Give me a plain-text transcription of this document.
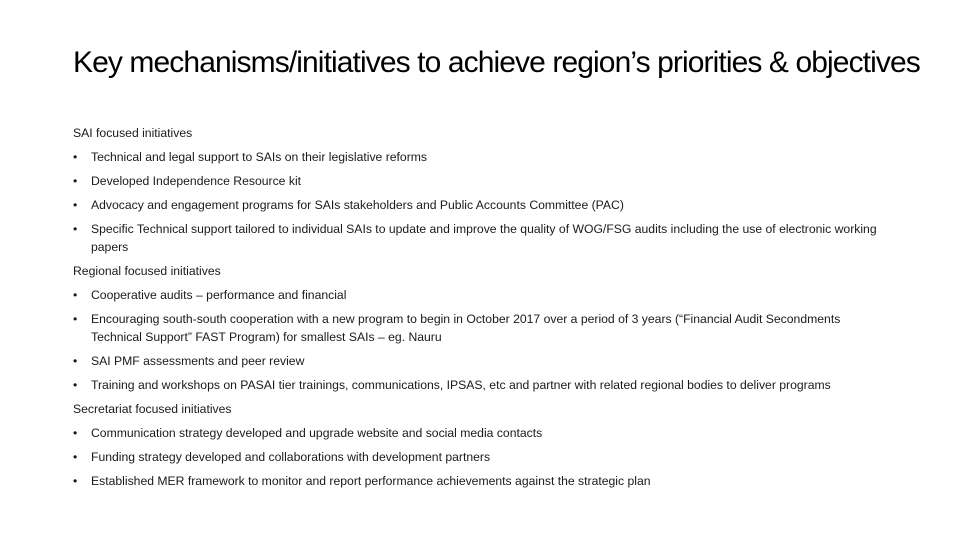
Key mechanisms/initiatives to achieve region’s priorities & objectives
SAI focused initiatives
•	Technical and legal support to SAIs on their legislative reforms
•	Developed Independence Resource kit
•	Advocacy and engagement programs for SAIs stakeholders and Public Accounts Committee (PAC)
•	Specific Technical support tailored to individual SAIs to update and improve the quality of WOG/FSG audits including the use of electronic working papers
Regional focused initiatives
•	Cooperative audits – performance and financial
•	Encouraging south-south cooperation with a new program to begin in October 2017 over a period of 3 years (“Financial Audit Secondments Technical Support” FAST Program) for smallest SAIs – eg. Nauru
•	SAI PMF assessments and peer review
•	Training and workshops on PASAI tier trainings, communications, IPSAS, etc and partner with related regional bodies to deliver programs
Secretariat focused initiatives
•	Communication strategy developed and upgrade website and social media contacts
•	Funding strategy developed and collaborations with development partners
•	Established MER framework to monitor and report performance achievements against the strategic plan
